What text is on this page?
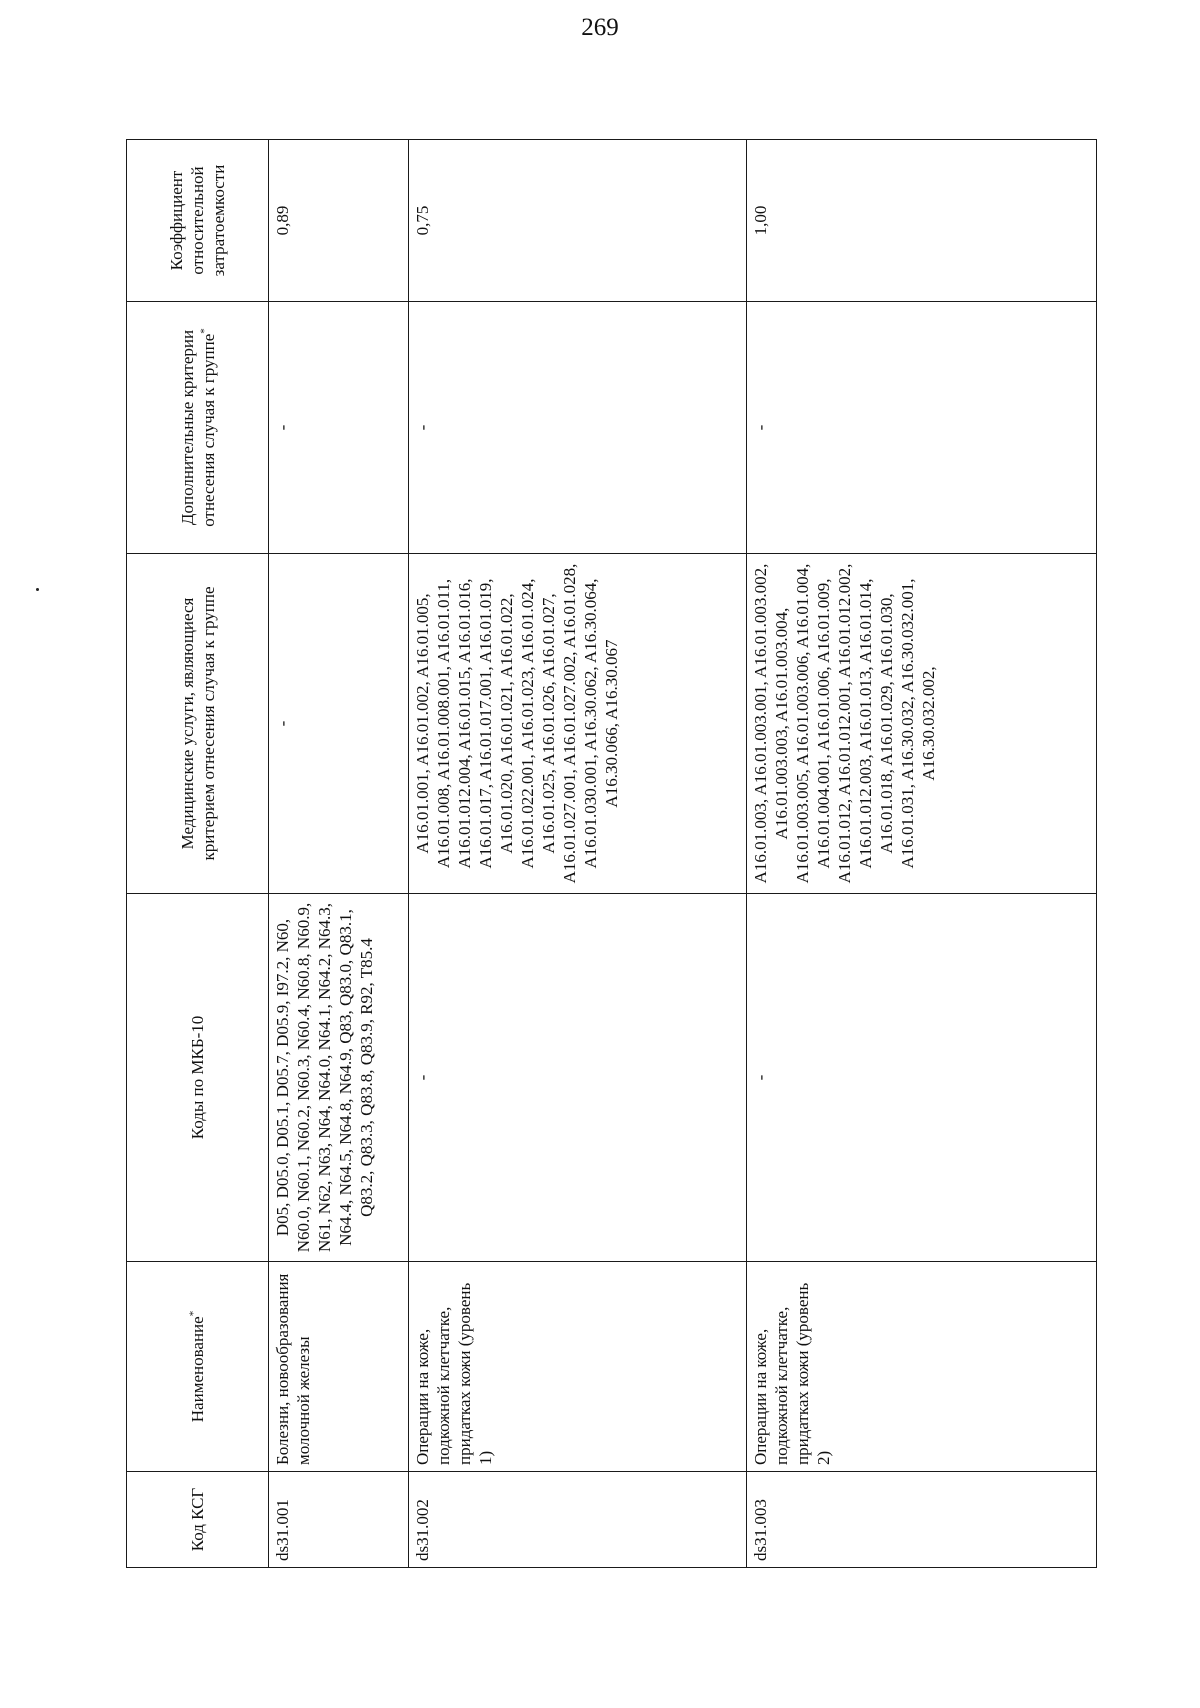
269
Код КСГ	Наименование*	Коды по МКБ-10	Медицинские услуги, являющиеся критерием отнесения случая к группе	Дополнительные критерии отнесения случая к группе*	Коэффициент относительной затратоемкости
ds31.001	Болезни, новообразования молочной железы	D05, D05.0, D05.1, D05.7, D05.9, I97.2, N60, N60.0, N60.1, N60.2, N60.3, N60.4, N60.8, N60.9, N61, N62, N63, N64, N64.0, N64.1, N64.2, N64.3, N64.4, N64.5, N64.8, N64.9, Q83, Q83.0, Q83.1, Q83.2, Q83.3, Q83.8, Q83.9, R92, T85.4	-	-	0,89
ds31.002	Операции на коже, подкожной клетчатке, придатках кожи (уровень 1)	-	A16.01.001, A16.01.002, A16.01.005, A16.01.008, A16.01.008.001, A16.01.011, A16.01.012.004, A16.01.015, A16.01.016, A16.01.017, A16.01.017.001, A16.01.019, A16.01.020, A16.01.021, A16.01.022, A16.01.022.001, A16.01.023, A16.01.024, A16.01.025, A16.01.026, A16.01.027, A16.01.027.001, A16.01.027.002, A16.01.028, A16.01.030.001, A16.30.062, A16.30.064, A16.30.066, A16.30.067	-	0,75
ds31.003	Операции на коже, подкожной клетчатке, придатках кожи (уровень 2)	-	A16.01.003, A16.01.003.001, A16.01.003.002, A16.01.003.003, A16.01.003.004, A16.01.003.005, A16.01.003.006, A16.01.004, A16.01.004.001, A16.01.006, A16.01.009, A16.01.012, A16.01.012.001, A16.01.012.002, A16.01.012.003, A16.01.013, A16.01.014, A16.01.018, A16.01.029, A16.01.030, A16.01.031, A16.30.032, A16.30.032.001, A16.30.032.002,	-	1,00
